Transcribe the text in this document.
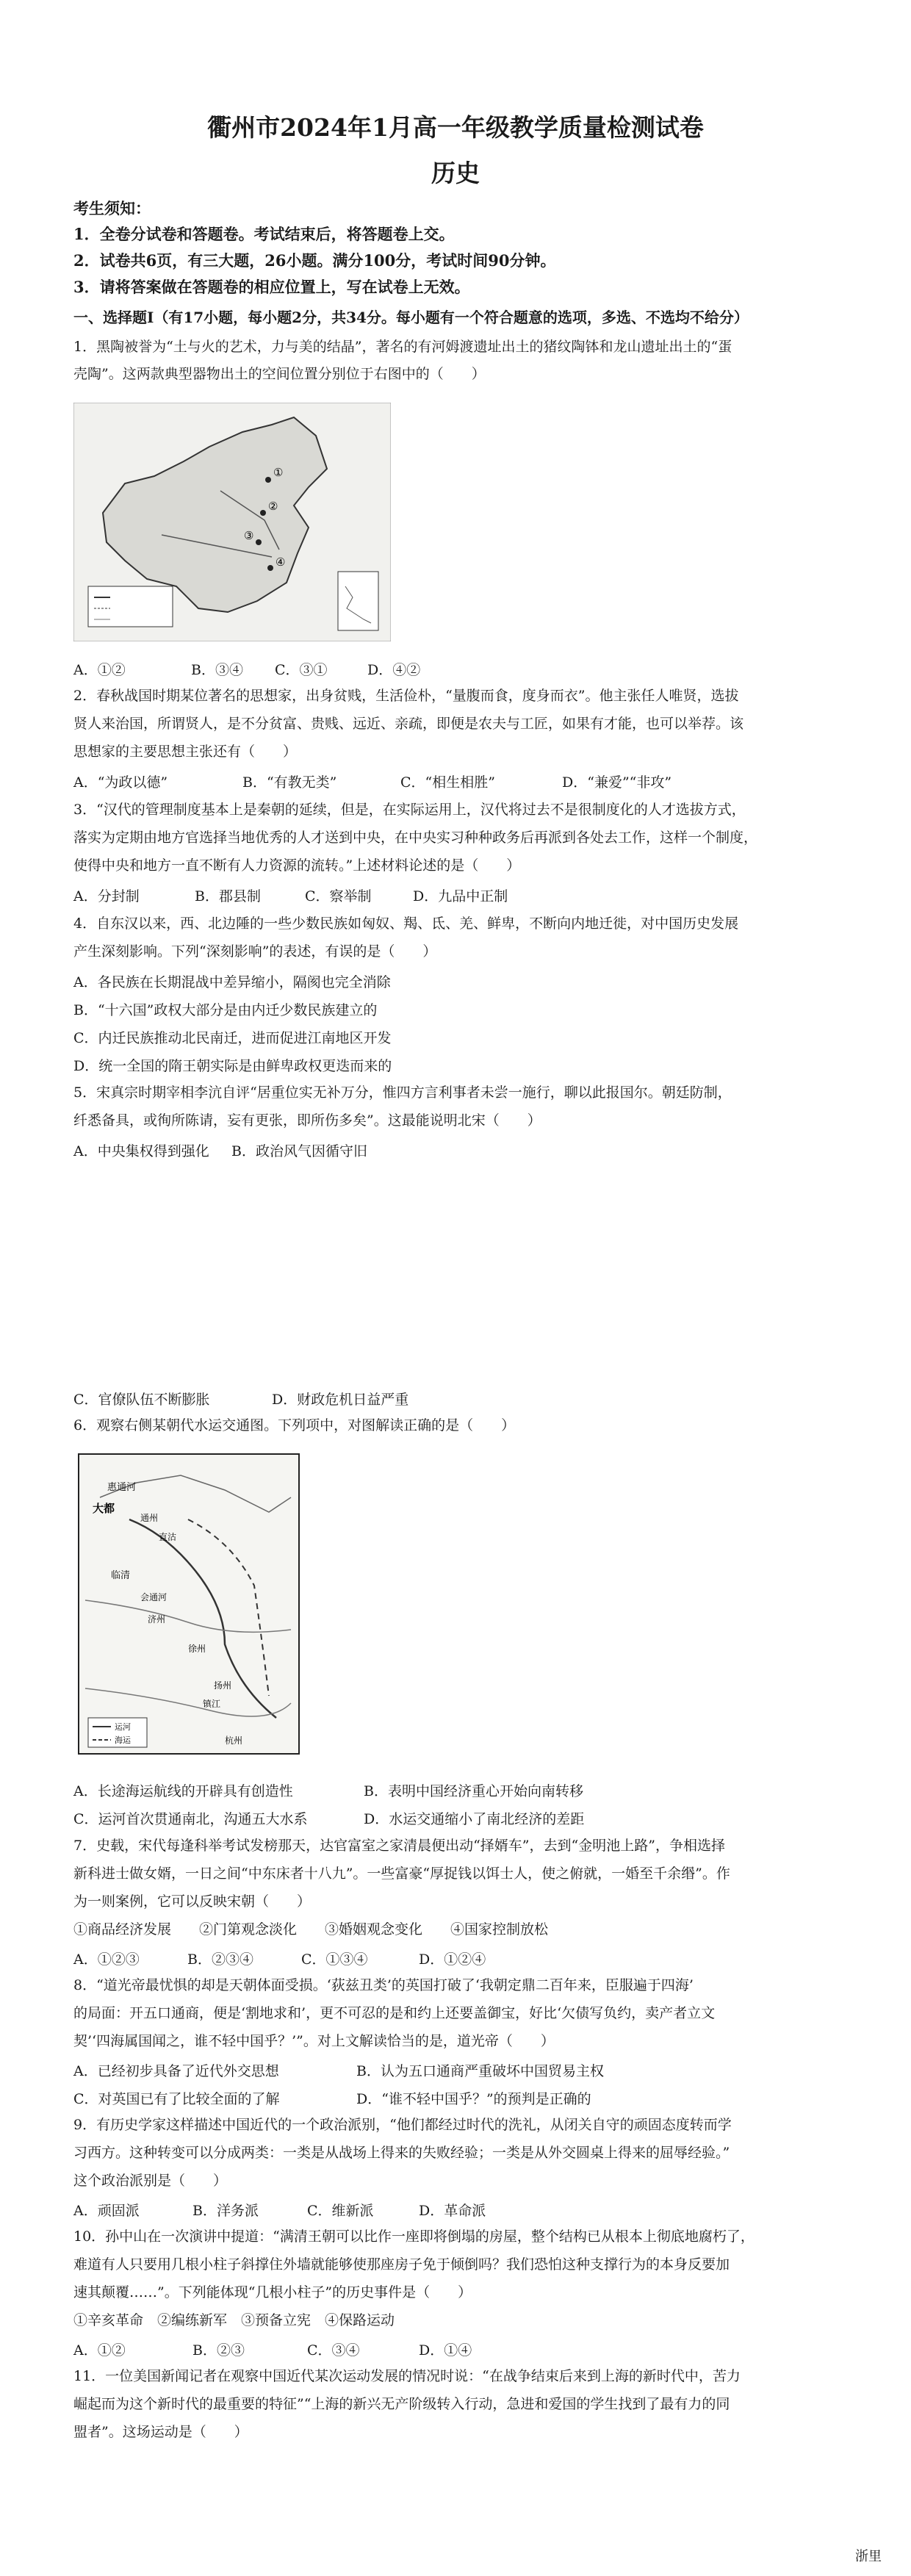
衢州市2024年1月高一年级教学质量检测试卷
历史
考生须知：
1．全卷分试卷和答题卷。考试结束后，将答题卷上交。
2．试卷共6页，有三大题，26小题。满分100分，考试时间90分钟。
3．请将答案做在答题卷的相应位置上，写在试卷上无效。
一、选择题Ⅰ（有17小题，每小题2分，共34分。每小题有一个符合题意的选项，多选、不选均不给分）
1．黑陶被誉为“土与火的艺术，力与美的结晶”，著名的有河姆渡遗址出土的猪纹陶钵和龙山遗址出土的“蛋
壳陶”。这两款典型器物出土的空间位置分别位于右图中的（　　）
①
②
③
④
A．①②	B．③④ C．③①	D．④②
2．春秋战国时期某位著名的思想家，出身贫贱，生活俭朴，“量腹而食，度身而衣”。他主张任人唯贤，选拔
贤人来治国，所谓贤人，是不分贫富、贵贱、远近、亲疏，即便是农夫与工匠，如果有才能，也可以举荐。该
思想家的主要思想主张还有（　　）
A．“为政以德”	B．“有教无类”	C．“相生相胜”	D．“兼爱”“非攻”
3．“汉代的管理制度基本上是秦朝的延续，但是，在实际运用上，汉代将过去不是很制度化的人才选拔方式，
落实为定期由地方官选择当地优秀的人才送到中央，在中央实习种种政务后再派到各处去工作，这样一个制度，
使得中央和地方一直不断有人力资源的流转。”上述材料论述的是（　　）
A．分封制	B．郡县制	C．察举制	D．九品中正制
4．自东汉以来，西、北边陲的一些少数民族如匈奴、羯、氐、羌、鲜卑，不断向内地迁徙，对中国历史发展
产生深刻影响。下列“深刻影响”的表述，有误的是（　　）
A．各民族在长期混战中差异缩小，隔阂也完全消除
B．“十六国”政权大部分是由内迁少数民族建立的
C．内迁民族推动北民南迁，进而促进江南地区开发
D．统一全国的隋王朝实际是由鲜卑政权更迭而来的
5．宋真宗时期宰相李沆自评“居重位实无补万分，惟四方言利事者未尝一施行，聊以此报国尔。朝廷防制，
纤悉备具，或徇所陈请，妄有更张，即所伤多矣”。这最能说明北宋（　　）
A．中央集权得到强化 B．政治风气因循守旧
C．官僚队伍不断膨胀	D．财政危机日益严重
6．观察右侧某朝代水运交通图。下列项中，对图解读正确的是（　　）
惠通河
大都
通州
直沽
临清
会通河
济州
徐州
扬州
镇江
杭州
运河
海运
A．长途海运航线的开辟具有创造性	B．表明中国经济重心开始向南转移
C．运河首次贯通南北，沟通五大水系	D．水运交通缩小了南北经济的差距
7．史载，宋代每逢科举考试发榜那天，达官富室之家清晨便出动“择婿车”，去到“金明池上路”，争相选择
新科进士做女婿，一日之间“中东床者十八九”。一些富豪“厚捉钱以饵士人，使之俯就，一婚至千余缗”。作
为一则案例，它可以反映宋朝（　　）
①商品经济发展　　②门第观念淡化　　③婚姻观念变化　　④国家控制放松
A．①②③	B．②③④	C．①③④	D．①②④
8．“道光帝最忧惧的却是天朝体面受损。‘荻兹丑类’的英国打破了‘我朝定鼎二百年来，臣服遍于四海’
的局面：开五口通商，便是‘割地求和’，更不可忍的是和约上还要盖御宝，好比‘欠债写负约，卖产者立文
契’‘四海属国闻之，谁不轻中国乎？’”。对上文解读恰当的是，道光帝（　　）
A．已经初步具备了近代外交思想	B．认为五口通商严重破坏中国贸易主权
C．对英国已有了比较全面的了解	D．“谁不轻中国乎？”的预判是正确的
9．有历史学家这样描述中国近代的一个政治派别，“他们都经过时代的洗礼，从闭关自守的顽固态度转而学
习西方。这种转变可以分成两类：一类是从战场上得来的失败经验；一类是从外交圆桌上得来的屈辱经验。”
这个政治派别是（　　）
A．顽固派	B．洋务派	C．维新派	D．革命派
10．孙中山在一次演讲中提道：“满清王朝可以比作一座即将倒塌的房屋，整个结构已从根本上彻底地腐朽了，
难道有人只要用几根小柱子斜撑住外墙就能够使那座房子免于倾倒吗？我们恐怕这种支撑行为的本身反要加
速其颠覆……”。下列能体现“几根小柱子”的历史事件是（　　）
①辛亥革命　②编练新军　③预备立宪　④保路运动
A．①②	B．②③	C．③④	D．①④
11．一位美国新闻记者在观察中国近代某次运动发展的情况时说：“在战争结束后来到上海的新时代中，苦力
崛起而为这个新时代的最重要的特征”“上海的新兴无产阶级转入行动，急进和爱国的学生找到了最有力的同
盟者”。这场运动是（　　）
浙里
